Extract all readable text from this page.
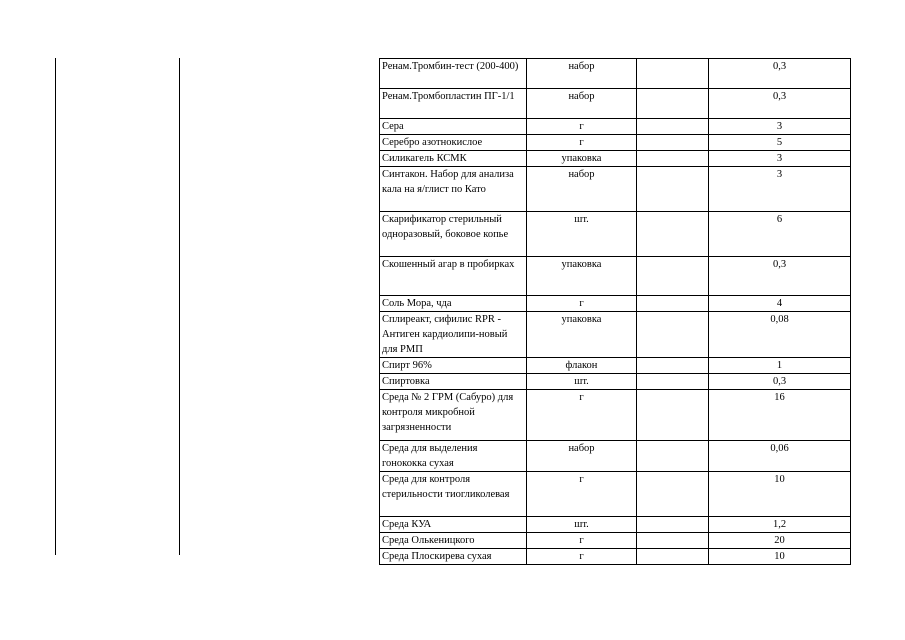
Ренам.Тромбин-тест (200-400)	набор		0,3
Ренам.Тромбопластин ПГ-1/1	набор		0,3
Сера	г		3
Серебро азотнокислое	г		5
Силикагель КСМК	упаковка		3
Синтакон. Набор для анализа кала на я/глист по Като	набор		3
Скарификатор стерильный одноразовый, боковое копье	шт.		6
Скошенный агар в пробирках	упаковка		0,3
Соль Мора, чда	г		4
Сплиреакт, сифилис RPR - Антиген кардиолипи-новый для РМП	упаковка		0,08
Спирт 96%	флакон		1
Спиртовка	шт.		0,3
Среда № 2 ГРМ (Сабуро) для контроля микробной загрязненности	г		16
Среда для выделения гонококка сухая	набор		0,06
Среда для контроля стерильности тиогликолевая	г		10
Среда КУА	шт.		1,2
Среда Олькеницкого	г		20
Среда Плоскирева сухая	г		10
